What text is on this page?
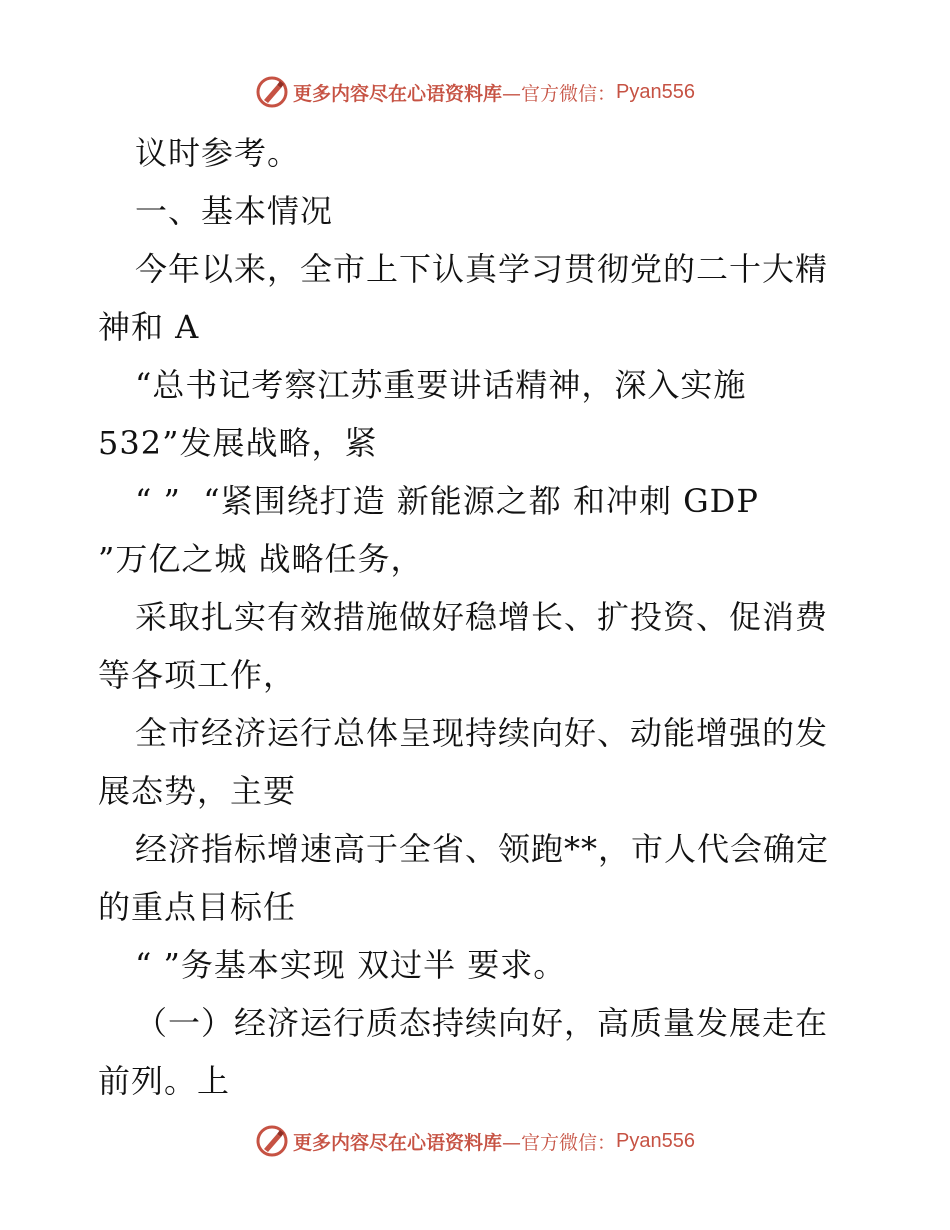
更多内容尽在心语资料库 —官方微信： Pyan556
议时参考。
一、基本情况
今年以来，全市上下认真学习贯彻党的二十大精
神和 A
“总书记考察江苏重要讲话精神，深入实施
532”发展战略，紧
“ ”  “紧围绕打造 新能源之都 和冲刺 GDP
”万亿之城 战略任务，
采取扎实有效措施做好稳增长、扩投资、促消费
等各项工作，
全市经济运行总体呈现持续向好、动能增强的发
展态势，主要
经济指标增速高于全省、领跑**，市人代会确定
的重点目标任
“ ”务基本实现 双过半 要求。
（一）经济运行质态持续向好，高质量发展走在
前列。上
更多内容尽在心语资料库 —官方微信： Pyan556
